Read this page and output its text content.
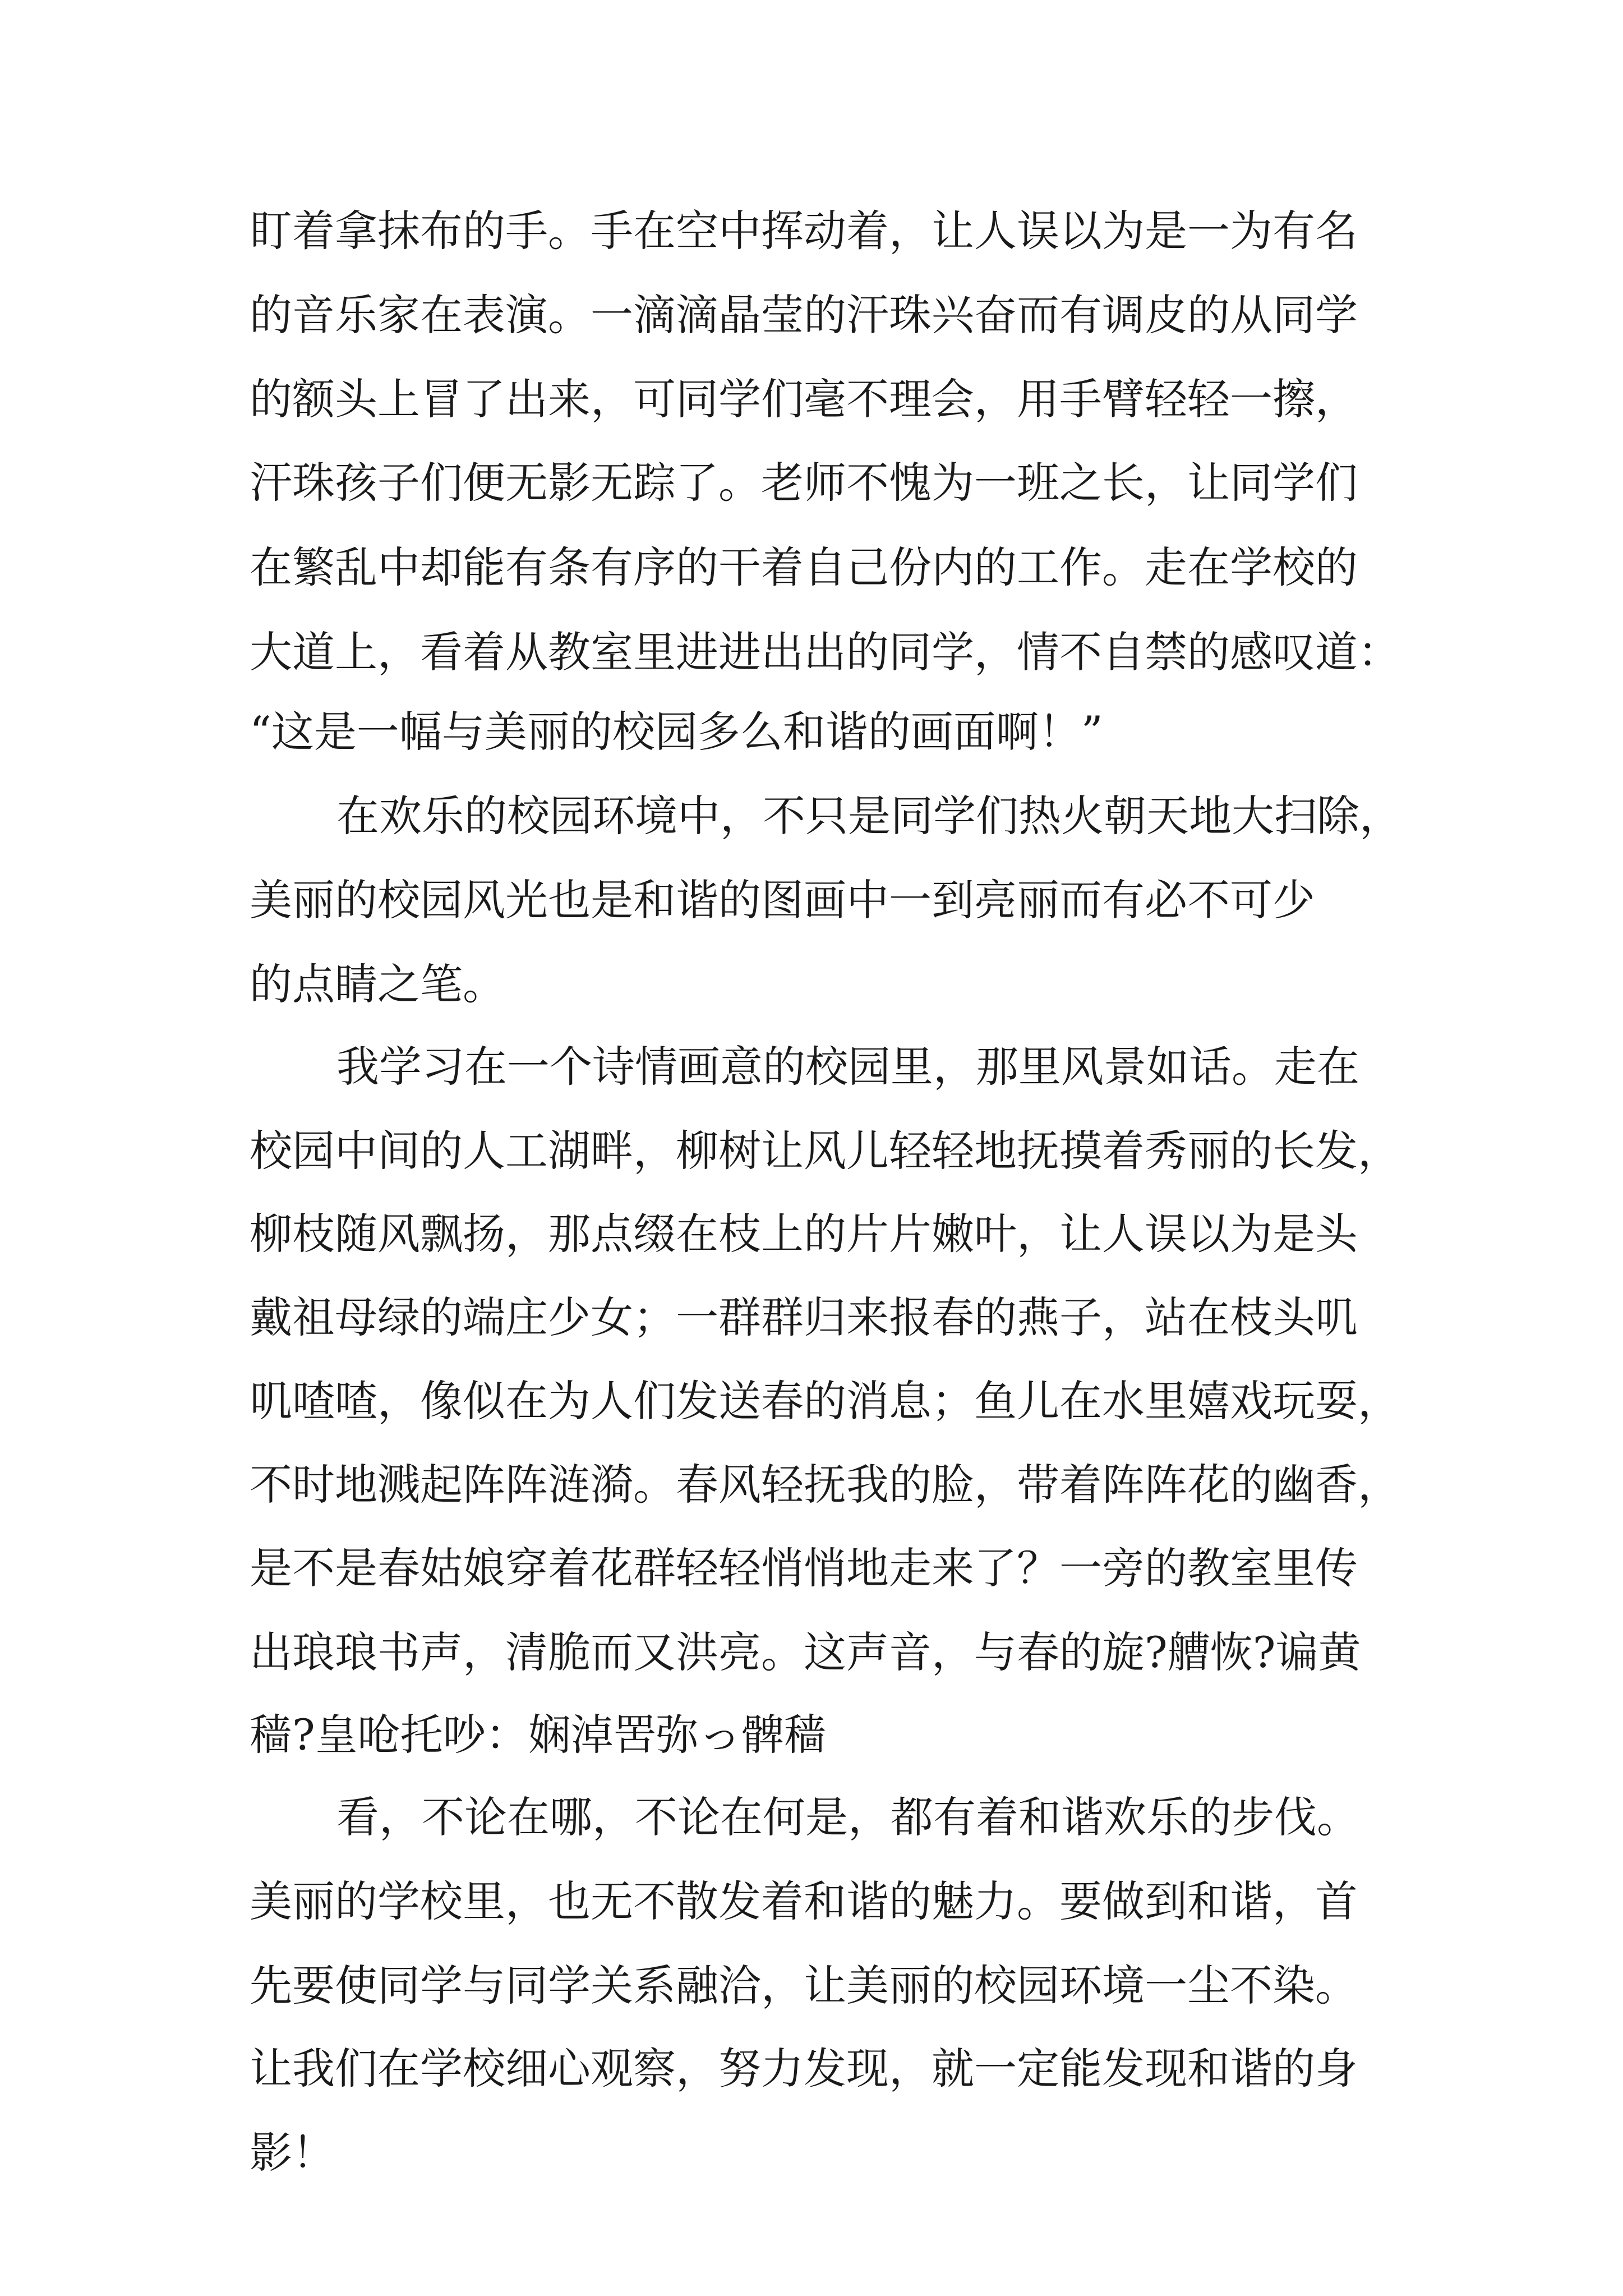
盯着拿抹布的手。手在空中挥动着，让人误以为是一为有名
的音乐家在表演。一滴滴晶莹的汗珠兴奋而有调皮的从同学
的额头上冒了出来，可同学们毫不理会，用手臂轻轻一擦，
汗珠孩子们便无影无踪了。老师不愧为一班之长，让同学们
在繁乱中却能有条有序的干着自己份内的工作。走在学校的
大道上，看着从教室里进进出出的同学，情不自禁的感叹道：
“这是一幅与美丽的校园多么和谐的画面啊！”
在欢乐的校园环境中，不只是同学们热火朝天地大扫除，
美丽的校园风光也是和谐的图画中一到亮丽而有必不可少
的点睛之笔。
我学习在一个诗情画意的校园里，那里风景如话。走在
校园中间的人工湖畔，柳树让风儿轻轻地抚摸着秀丽的长发，
柳枝随风飘扬，那点缀在枝上的片片嫩叶，让人误以为是头
戴祖母绿的端庄少女；一群群归来报春的燕子，站在枝头叽
叽喳喳，像似在为人们发送春的消息；鱼儿在水里嬉戏玩耍，
不时地溅起阵阵涟漪。春风轻抚我的脸，带着阵阵花的幽香，
是不是春姑娘穿着花群轻轻悄悄地走来了？一旁的教室里传
出琅琅书声，清脆而又洪亮。这声音，与春的旋?艚恢?谝黄
穑?皇呛托吵：娴淖罟弥っ髀穑
看，不论在哪，不论在何是，都有着和谐欢乐的步伐。
美丽的学校里，也无不散发着和谐的魅力。要做到和谐，首
先要使同学与同学关系融洽，让美丽的校园环境一尘不染。
让我们在学校细心观察，努力发现，就一定能发现和谐的身
影！
